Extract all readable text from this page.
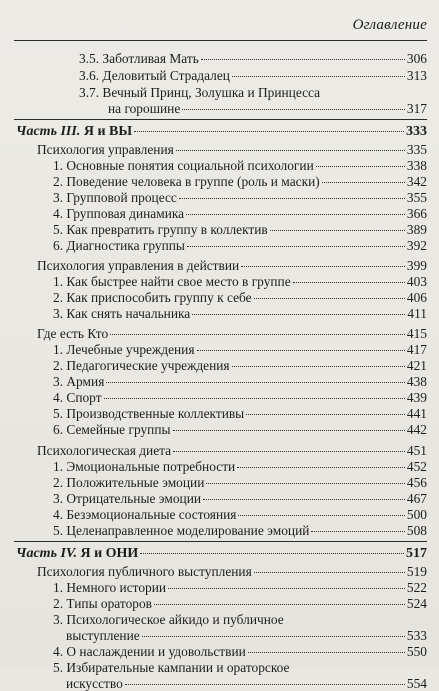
Оглавление
3.5. Заботливая Мать	306
3.6. Деловитый Страдалец	313
3.7. Вечный Принц, Золушка и Принцесса
на горошине	317
Часть III. Я и ВЫ	333
Психология управления	335
1. Основные понятия социальной психологии	338
2. Поведение человека в группе (роль и маски)	342
3. Групповой процесс	355
4. Групповая динамика	366
5. Как превратить группу в коллектив	389
6. Диагностика группы	392
Психология управления в действии	399
1. Как быстрее найти свое место в группе	403
2. Как приспособить группу к себе	406
3. Как снять начальника	411
Где есть Кто	415
1. Лечебные учреждения	417
2. Педагогические учреждения	421
3. Армия	438
4. Спорт	439
5. Производственные коллективы	441
6. Семейные группы	442
Психологическая диета	451
1. Эмоциональные потребности	452
2. Положительные эмоции	456
3. Отрицательные эмоции	467
4. Безэмоциональные состояния	500
5. Целенаправленное моделирование эмоций	508
Часть IV. Я и ОНИ	517
Психология публичного выступления	519
1. Немного истории	522
2. Типы ораторов	524
3. Психологическое айкидо и публичное
выступление	533
4. О наслаждении и удовольствии	550
5. Избирательные кампании и ораторское
искусство	554
